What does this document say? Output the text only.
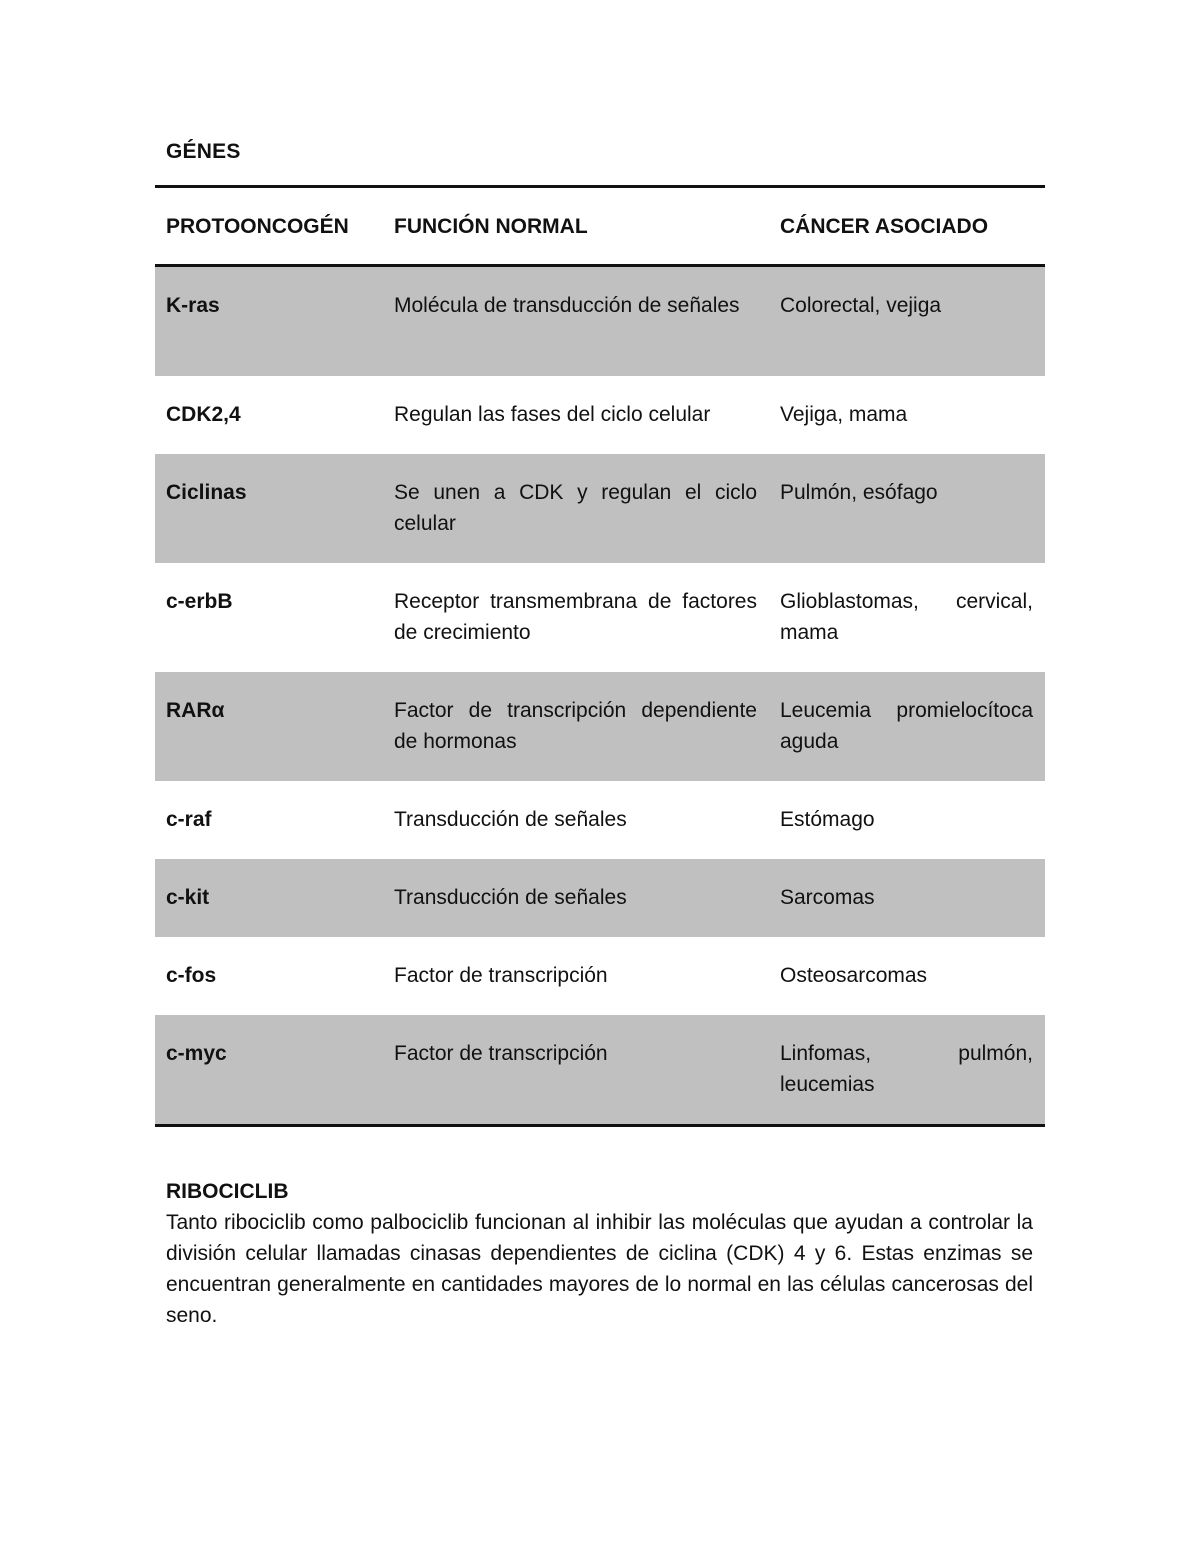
GÉNES
PROTOONCOGÉN	FUNCIÓN NORMAL	CÁNCER ASOCIADO
K-ras	Molécula de transducción de señales	Colorectal, vejiga
CDK2,4	Regulan las fases del ciclo celular	Vejiga, mama
Ciclinas	Se unen a CDK y regulan el ciclo celular	Pulmón, esófago
c-erbB	Receptor transmembrana de factores de crecimiento	Glioblastomas, cervical, mama
RARα	Factor de transcripción dependiente de hormonas	Leucemia promielocítoca aguda
c-raf	Transducción de señales	Estómago
c-kit	Transducción de señales	Sarcomas
c-fos	Factor de transcripción	Osteosarcomas
c-myc	Factor de transcripción	Linfomas, pulmón, leucemias
RIBOCICLIB
Tanto ribociclib como palbociclib funcionan al inhibir las moléculas que ayudan a controlar la división celular llamadas cinasas dependientes de ciclina (CDK) 4 y 6. Estas enzimas se encuentran generalmente en cantidades mayores de lo normal en las células cancerosas del seno.
